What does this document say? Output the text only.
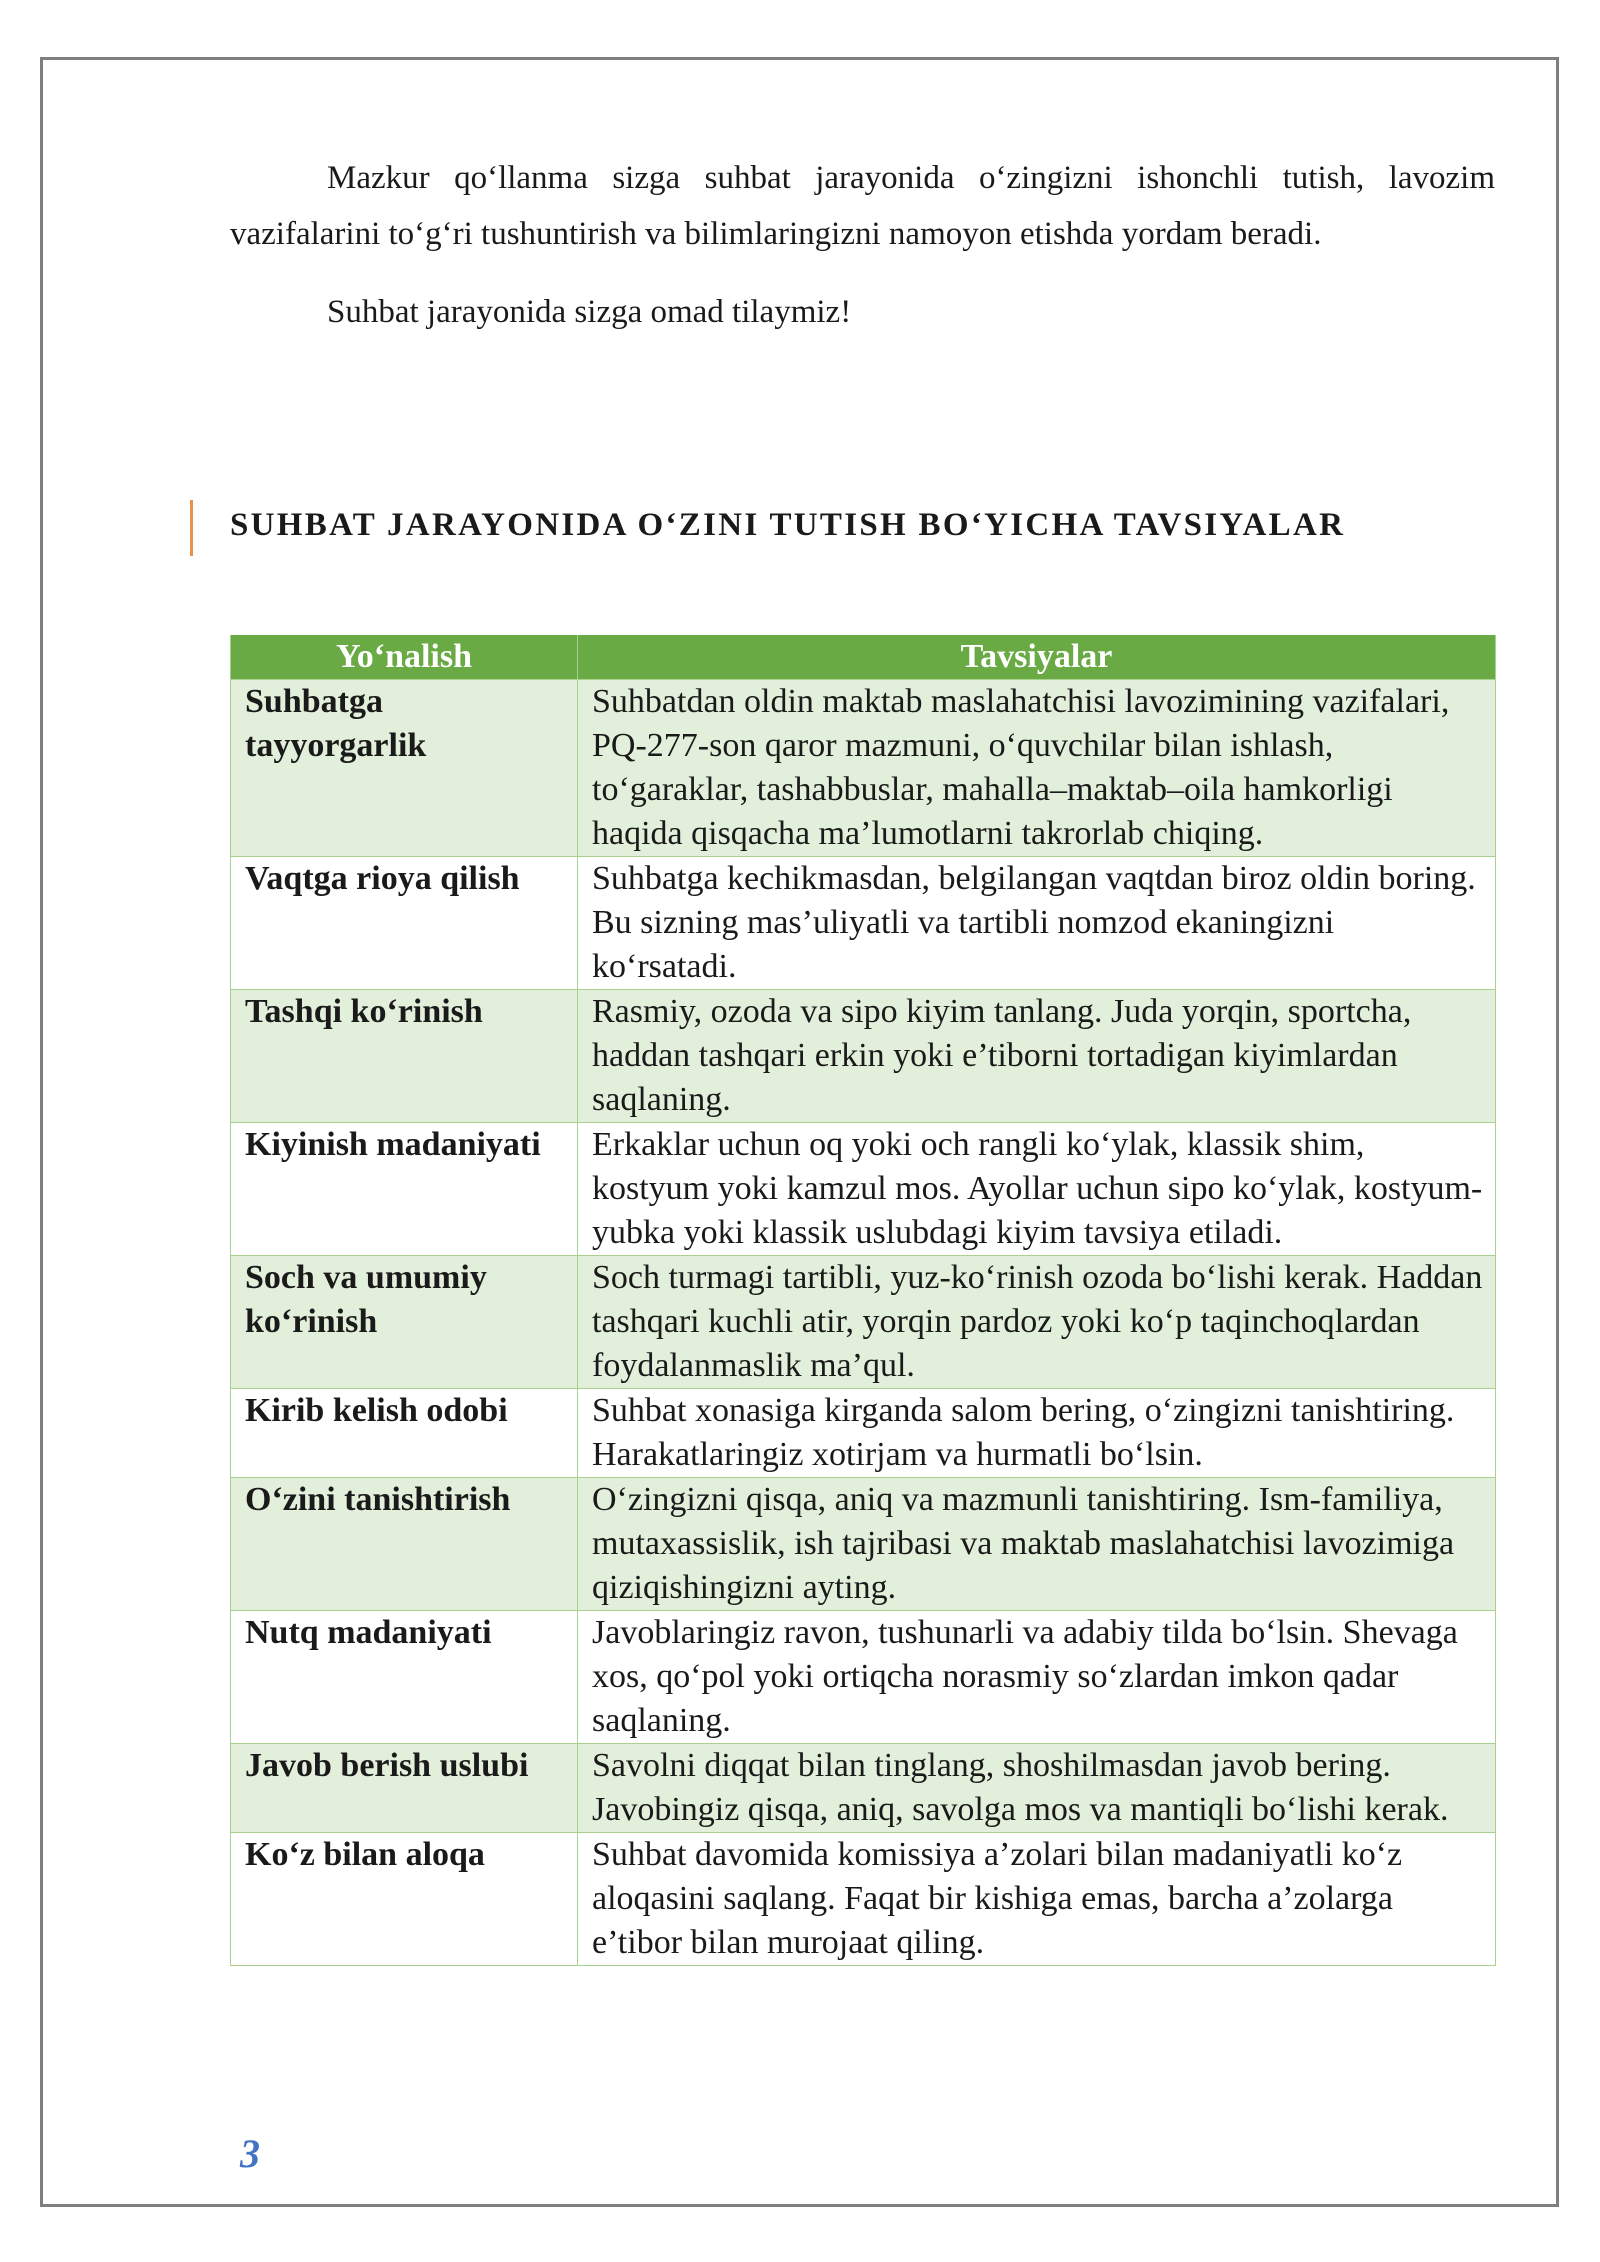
Mazkur qo‘llanma sizga suhbat jarayonida o‘zingizni ishonchli tutish, lavozim vazifalarini to‘g‘ri tushuntirish va bilimlaringizni namoyon etishda yordam beradi.

Suhbat jarayonida sizga omad tilaymiz!

SUHBAT JARAYONIDA O‘ZINI TUTISH BO‘YICHA TAVSIYALAR
Yo‘nalish	Tavsiyalar
Suhbatga tayyorgarlik	Suhbatdan oldin maktab maslahatchisi lavozimining vazifalari, PQ-277-son qaror mazmuni, o‘quvchilar bilan ishlash, to‘garaklar, tashabbuslar, mahalla–maktab–oila hamkorligi haqida qisqacha ma’lumotlarni takrorlab chiqing.
Vaqtga rioya qilish	Suhbatga kechikmasdan, belgilangan vaqtdan biroz oldin boring. Bu sizning mas’uliyatli va tartibli nomzod ekaningizni ko‘rsatadi.
Tashqi ko‘rinish	Rasmiy, ozoda va sipo kiyim tanlang. Juda yorqin, sportcha, haddan tashqari erkin yoki e’tiborni tortadigan kiyimlardan saqlaning.
Kiyinish madaniyati	Erkaklar uchun oq yoki och rangli ko‘ylak, klassik shim, kostyum yoki kamzul mos. Ayollar uchun sipo ko‘ylak, kostyum-yubka yoki klassik uslubdagi kiyim tavsiya etiladi.
Soch va umumiy ko‘rinish	Soch turmagi tartibli, yuz-ko‘rinish ozoda bo‘lishi kerak. Haddan tashqari kuchli atir, yorqin pardoz yoki ko‘p taqinchoqlardan foydalanmaslik ma’qul.
Kirib kelish odobi	Suhbat xonasiga kirganda salom bering, o‘zingizni tanishtiring. Harakatlaringiz xotirjam va hurmatli bo‘lsin.
O‘zini tanishtirish	O‘zingizni qisqa, aniq va mazmunli tanishtiring. Ism-familiya, mutaxassislik, ish tajribasi va maktab maslahatchisi lavozimiga qiziqishingizni ayting.
Nutq madaniyati	Javoblaringiz ravon, tushunarli va adabiy tilda bo‘lsin. Shevaga xos, qo‘pol yoki ortiqcha norasmiy so‘zlardan imkon qadar saqlaning.
Javob berish uslubi	Savolni diqqat bilan tinglang, shoshilmasdan javob bering. Javobingiz qisqa, aniq, savolga mos va mantiqli bo‘lishi kerak.
Ko‘z bilan aloqa	Suhbat davomida komissiya a’zolari bilan madaniyatli ko‘z aloqasini saqlang. Faqat bir kishiga emas, barcha a’zolarga e’tibor bilan murojaat qiling.
3
